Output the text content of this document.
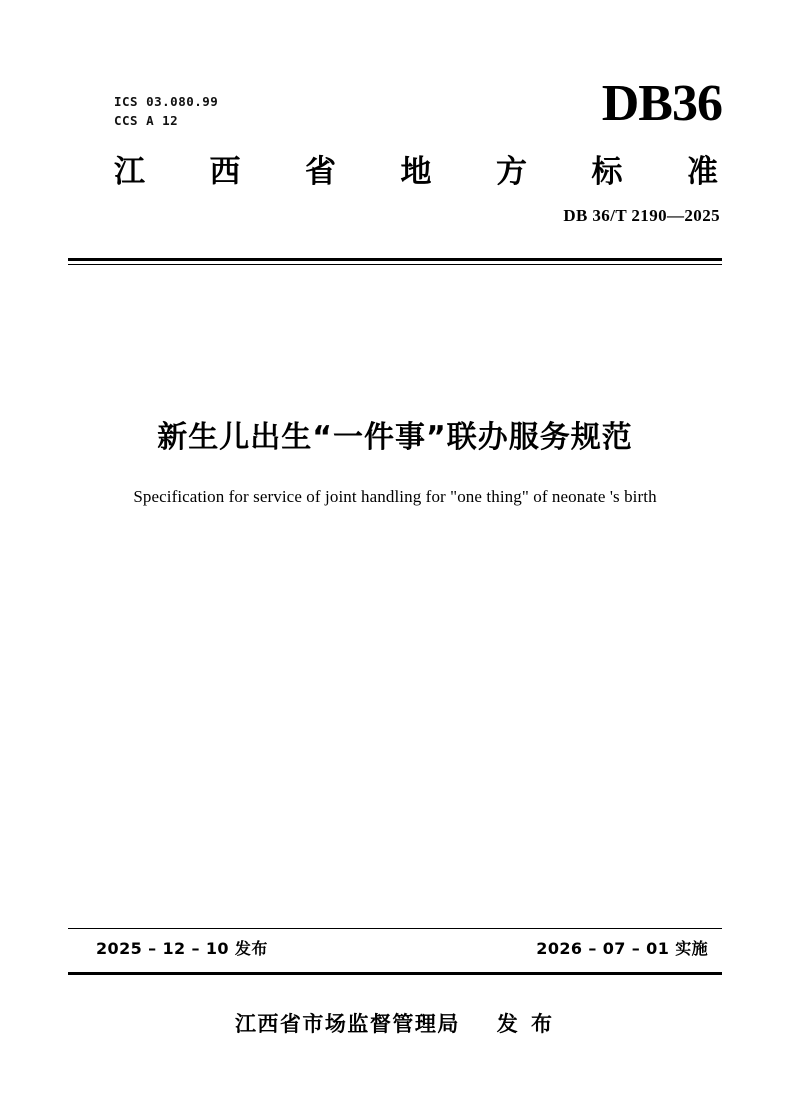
ICS 03.080.99
CCS A 12	DB36
江 西 省 地 方 标 准
DB 36/T 2190—2025
新生儿出生“一件事”联办服务规范
Specification for service of joint handling for "one thing" of neonate 's birth
2025 – 12 – 10 发布	2026 – 07 – 01 实施
江西省市场监督管理局 发 布
